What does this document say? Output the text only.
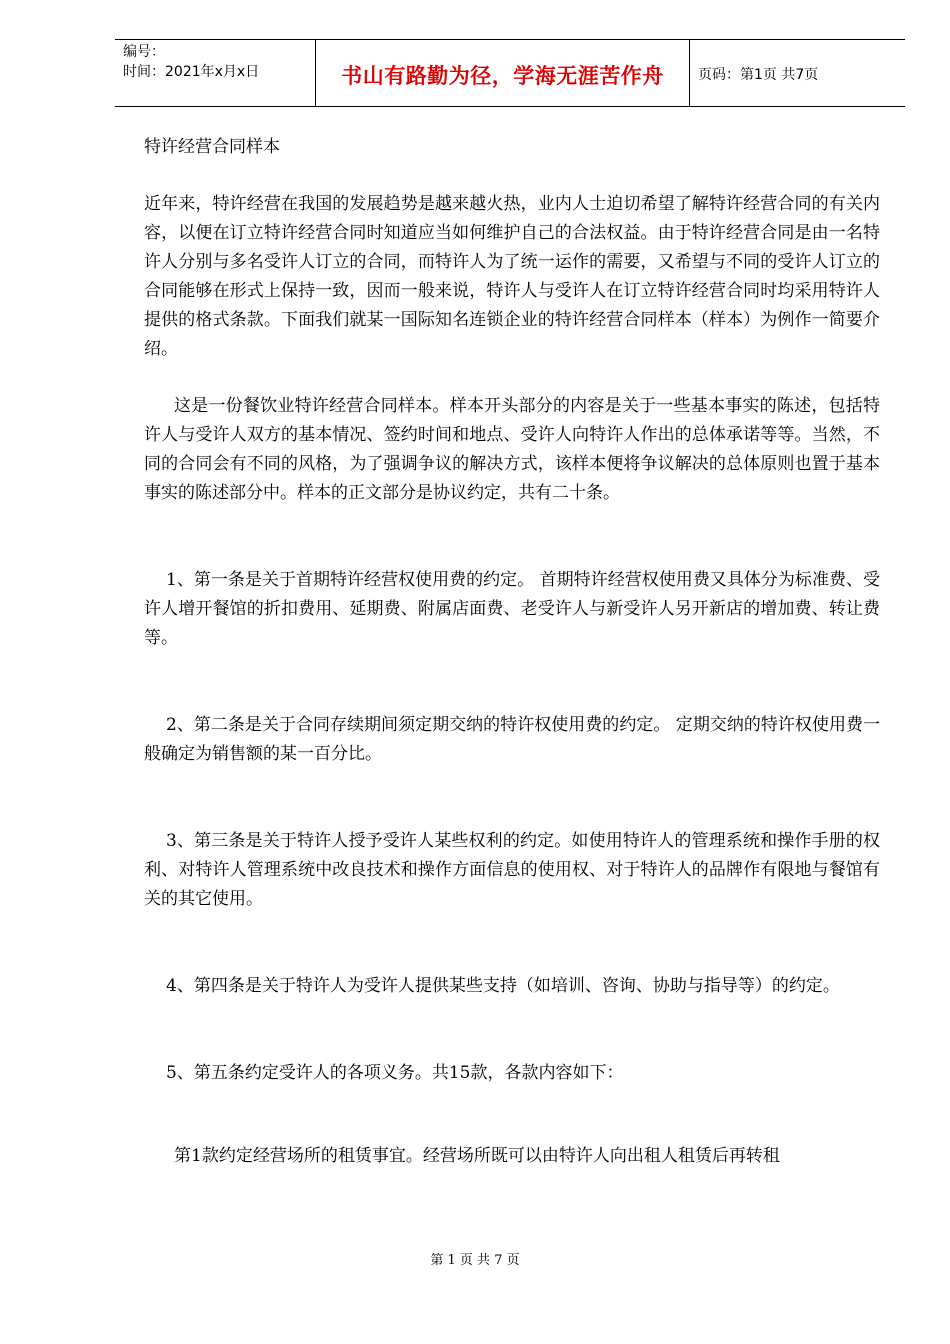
编号：
时间：2021年x月x日	书山有路勤为径，学海无涯苦作舟	页码：第1页 共7页

特许经营合同样本

近年来，特许经营在我国的发展趋势是越来越火热，业内人士迫切希望了解特许经营合同的有关内容，以便在订立特许经营合同时知道应当如何维护自己的合法权益。由于特许经营合同是由一名特许人分别与多名受许人订立的合同，而特许人为了统一运作的需要，又希望与不同的受许人订立的合同能够在形式上保持一致，因而一般来说，特许人与受许人在订立特许经营合同时均采用特许人提供的格式条款。下面我们就某一国际知名连锁企业的特许经营合同样本（样本）为例作一简要介绍。

这是一份餐饮业特许经营合同样本。样本开头部分的内容是关于一些基本事实的陈述，包括特许人与受许人双方的基本情况、签约时间和地点、受许人向特许人作出的总体承诺等等。当然，不同的合同会有不同的风格，为了强调争议的解决方式，该样本便将争议解决的总体原则也置于基本事实的陈述部分中。样本的正文部分是协议约定，共有二十条。

1、第一条是关于首期特许经营权使用费的约定。 首期特许经营权使用费又具体分为标准费、受许人增开餐馆的折扣费用、延期费、附属店面费、老受许人与新受许人另开新店的增加费、转让费等。

2、第二条是关于合同存续期间须定期交纳的特许权使用费的约定。 定期交纳的特许权使用费一般确定为销售额的某一百分比。

3、第三条是关于特许人授予受许人某些权利的约定。如使用特许人的管理系统和操作手册的权利、对特许人管理系统中改良技术和操作方面信息的使用权、对于特许人的品牌作有限地与餐馆有关的其它使用。

4、第四条是关于特许人为受许人提供某些支持（如培训、咨询、协助与指导等）的约定。

5、第五条约定受许人的各项义务。共15款，各款内容如下：

第1款约定经营场所的租赁事宜。经营场所既可以由特许人向出租人租赁后再转租

第 1 页 共 7 页
